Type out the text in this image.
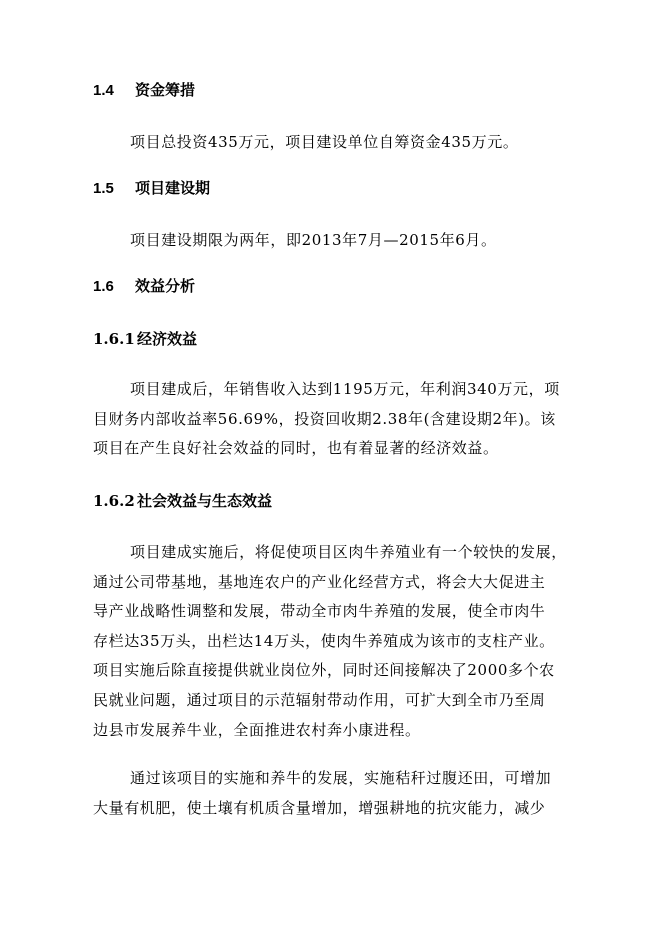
1.4 资金筹措
项目总投资435万元，项目建设单位自筹资金435万元。
1.5 项目建设期
项目建设期限为两年，即2013年7月—2015年6月。
1.6 效益分析
1.6.1 经济效益
项目建成后，年销售收入达到1195万元，年利润340万元，项
目财务内部收益率56.69%，投资回收期2.38年(含建设期2年)。该
项目在产生良好社会效益的同时，也有着显著的经济效益。
1.6.2 社会效益与生态效益
项目建成实施后，将促使项目区肉牛养殖业有一个较快的发展，
通过公司带基地，基地连农户的产业化经营方式，将会大大促进主
导产业战略性调整和发展，带动全市肉牛养殖的发展，使全市肉牛
存栏达35万头，出栏达14万头，使肉牛养殖成为该市的支柱产业。
项目实施后除直接提供就业岗位外，同时还间接解决了2000多个农
民就业问题，通过项目的示范辐射带动作用，可扩大到全市乃至周
边县市发展养牛业，全面推进农村奔小康进程。
通过该项目的实施和养牛的发展，实施秸秆过腹还田，可增加
大量有机肥，使土壤有机质含量增加，增强耕地的抗灾能力，减少
